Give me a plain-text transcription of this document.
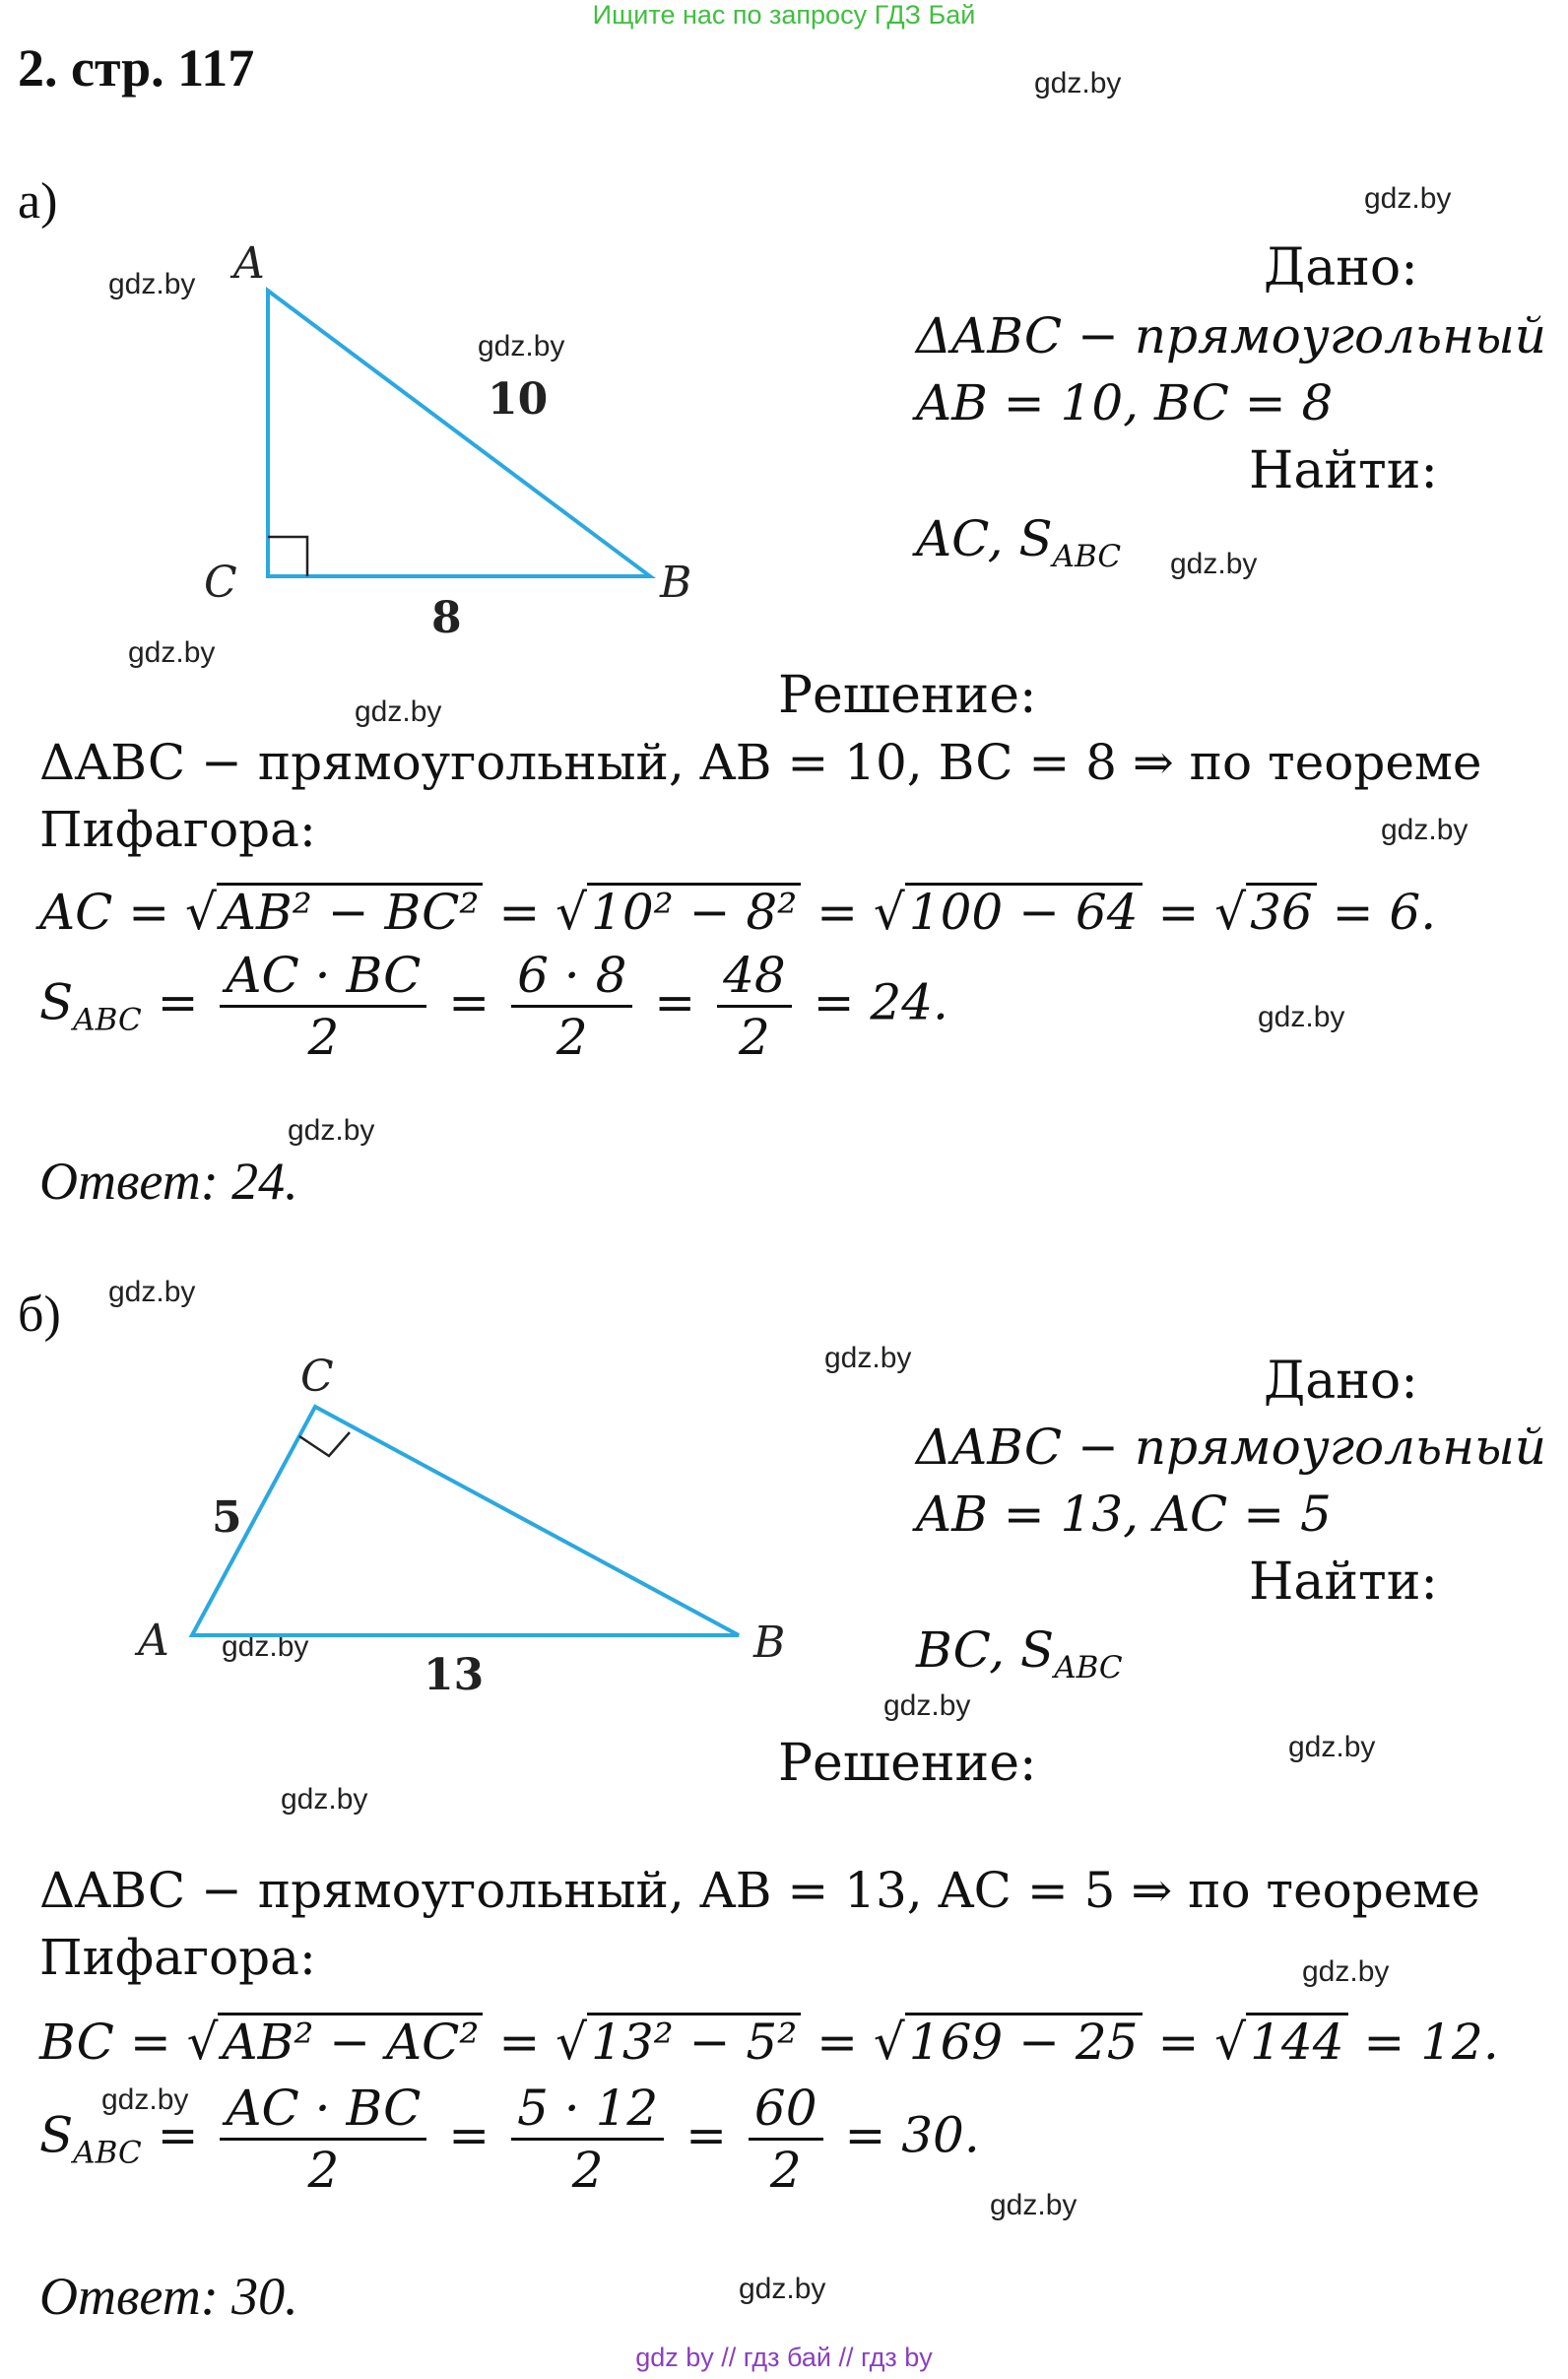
Ищите нас по запросу ГДЗ Бай
2. стр. 117	gdz.by
gdz.by
gdz.by
gdz.by
gdz.by
gdz.by
gdz.by
gdz.by
gdz.by
gdz.by
gdz.by
gdz.by
gdz.by
gdz.by
gdz.by
gdz.by
gdz.by
gdz.by
gdz.by
gdz.by
A
C	B
10
8
C
A	B
5
13
а)
Дано:
ΔABC − прямоугольный
AB = 10, BC = 8
Найти:
AC, $S_{ABC}$
Решение:
ΔABC − прямоугольный, AB = 10, BC = 8 ⇒ по теореме
Пифагора:
AC = √AB² − BC² = √10² − 8² = √100 − 64 = √36 = 6.
$S_{ABC} = \frac{AC \cdot BC}{2} = \frac{6 \cdot 8}{2} = \frac{48}{2} = 24$.
Ответ: 24.
б)
Дано:
ΔABC − прямоугольный
AB = 13, AC = 5
Найти:
BC, $S_{ABC}$
Решение:
ΔABC − прямоугольный, AB = 13, AC = 5 ⇒ по теореме
Пифагора:
BC = √AB² − AC² = √13² − 5² = √169 − 25 = √144 = 12.
$S_{ABC} = \frac{AC \cdot BC}{2} = \frac{5 \cdot 12}{2} = \frac{60}{2} = 30$.
Ответ: 30.
gdz by // гдз бай // гдз by
